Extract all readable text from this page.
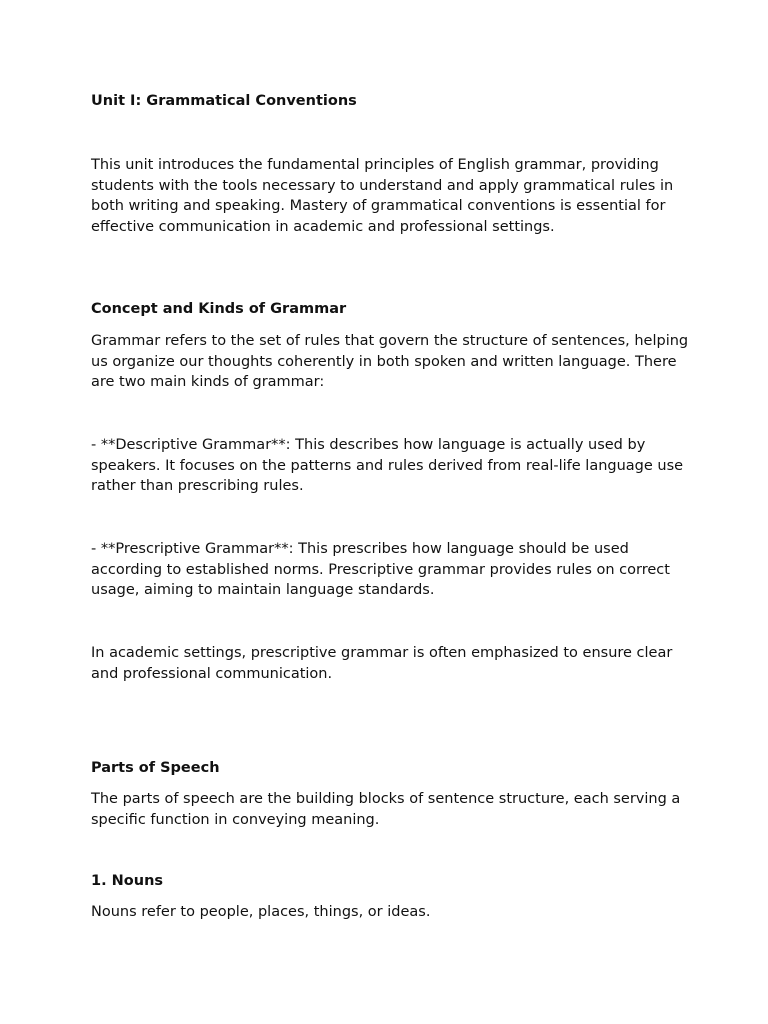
Unit I: Grammatical Conventions

This unit introduces the fundamental principles of English grammar, providing students with the tools necessary to understand and apply grammatical rules in both writing and speaking. Mastery of grammatical conventions is essential for effective communication in academic and professional settings.

Concept and Kinds of Grammar

Grammar refers to the set of rules that govern the structure of sentences, helping us organize our thoughts coherently in both spoken and written language. There are two main kinds of grammar:

- **Descriptive Grammar**: This describes how language is actually used by speakers. It focuses on the patterns and rules derived from real-life language use rather than prescribing rules.

- **Prescriptive Grammar**: This prescribes how language should be used according to established norms. Prescriptive grammar provides rules on correct usage, aiming to maintain language standards.

In academic settings, prescriptive grammar is often emphasized to ensure clear and professional communication.

Parts of Speech

The parts of speech are the building blocks of sentence structure, each serving a specific function in conveying meaning.

1. Nouns

Nouns refer to people, places, things, or ideas.
